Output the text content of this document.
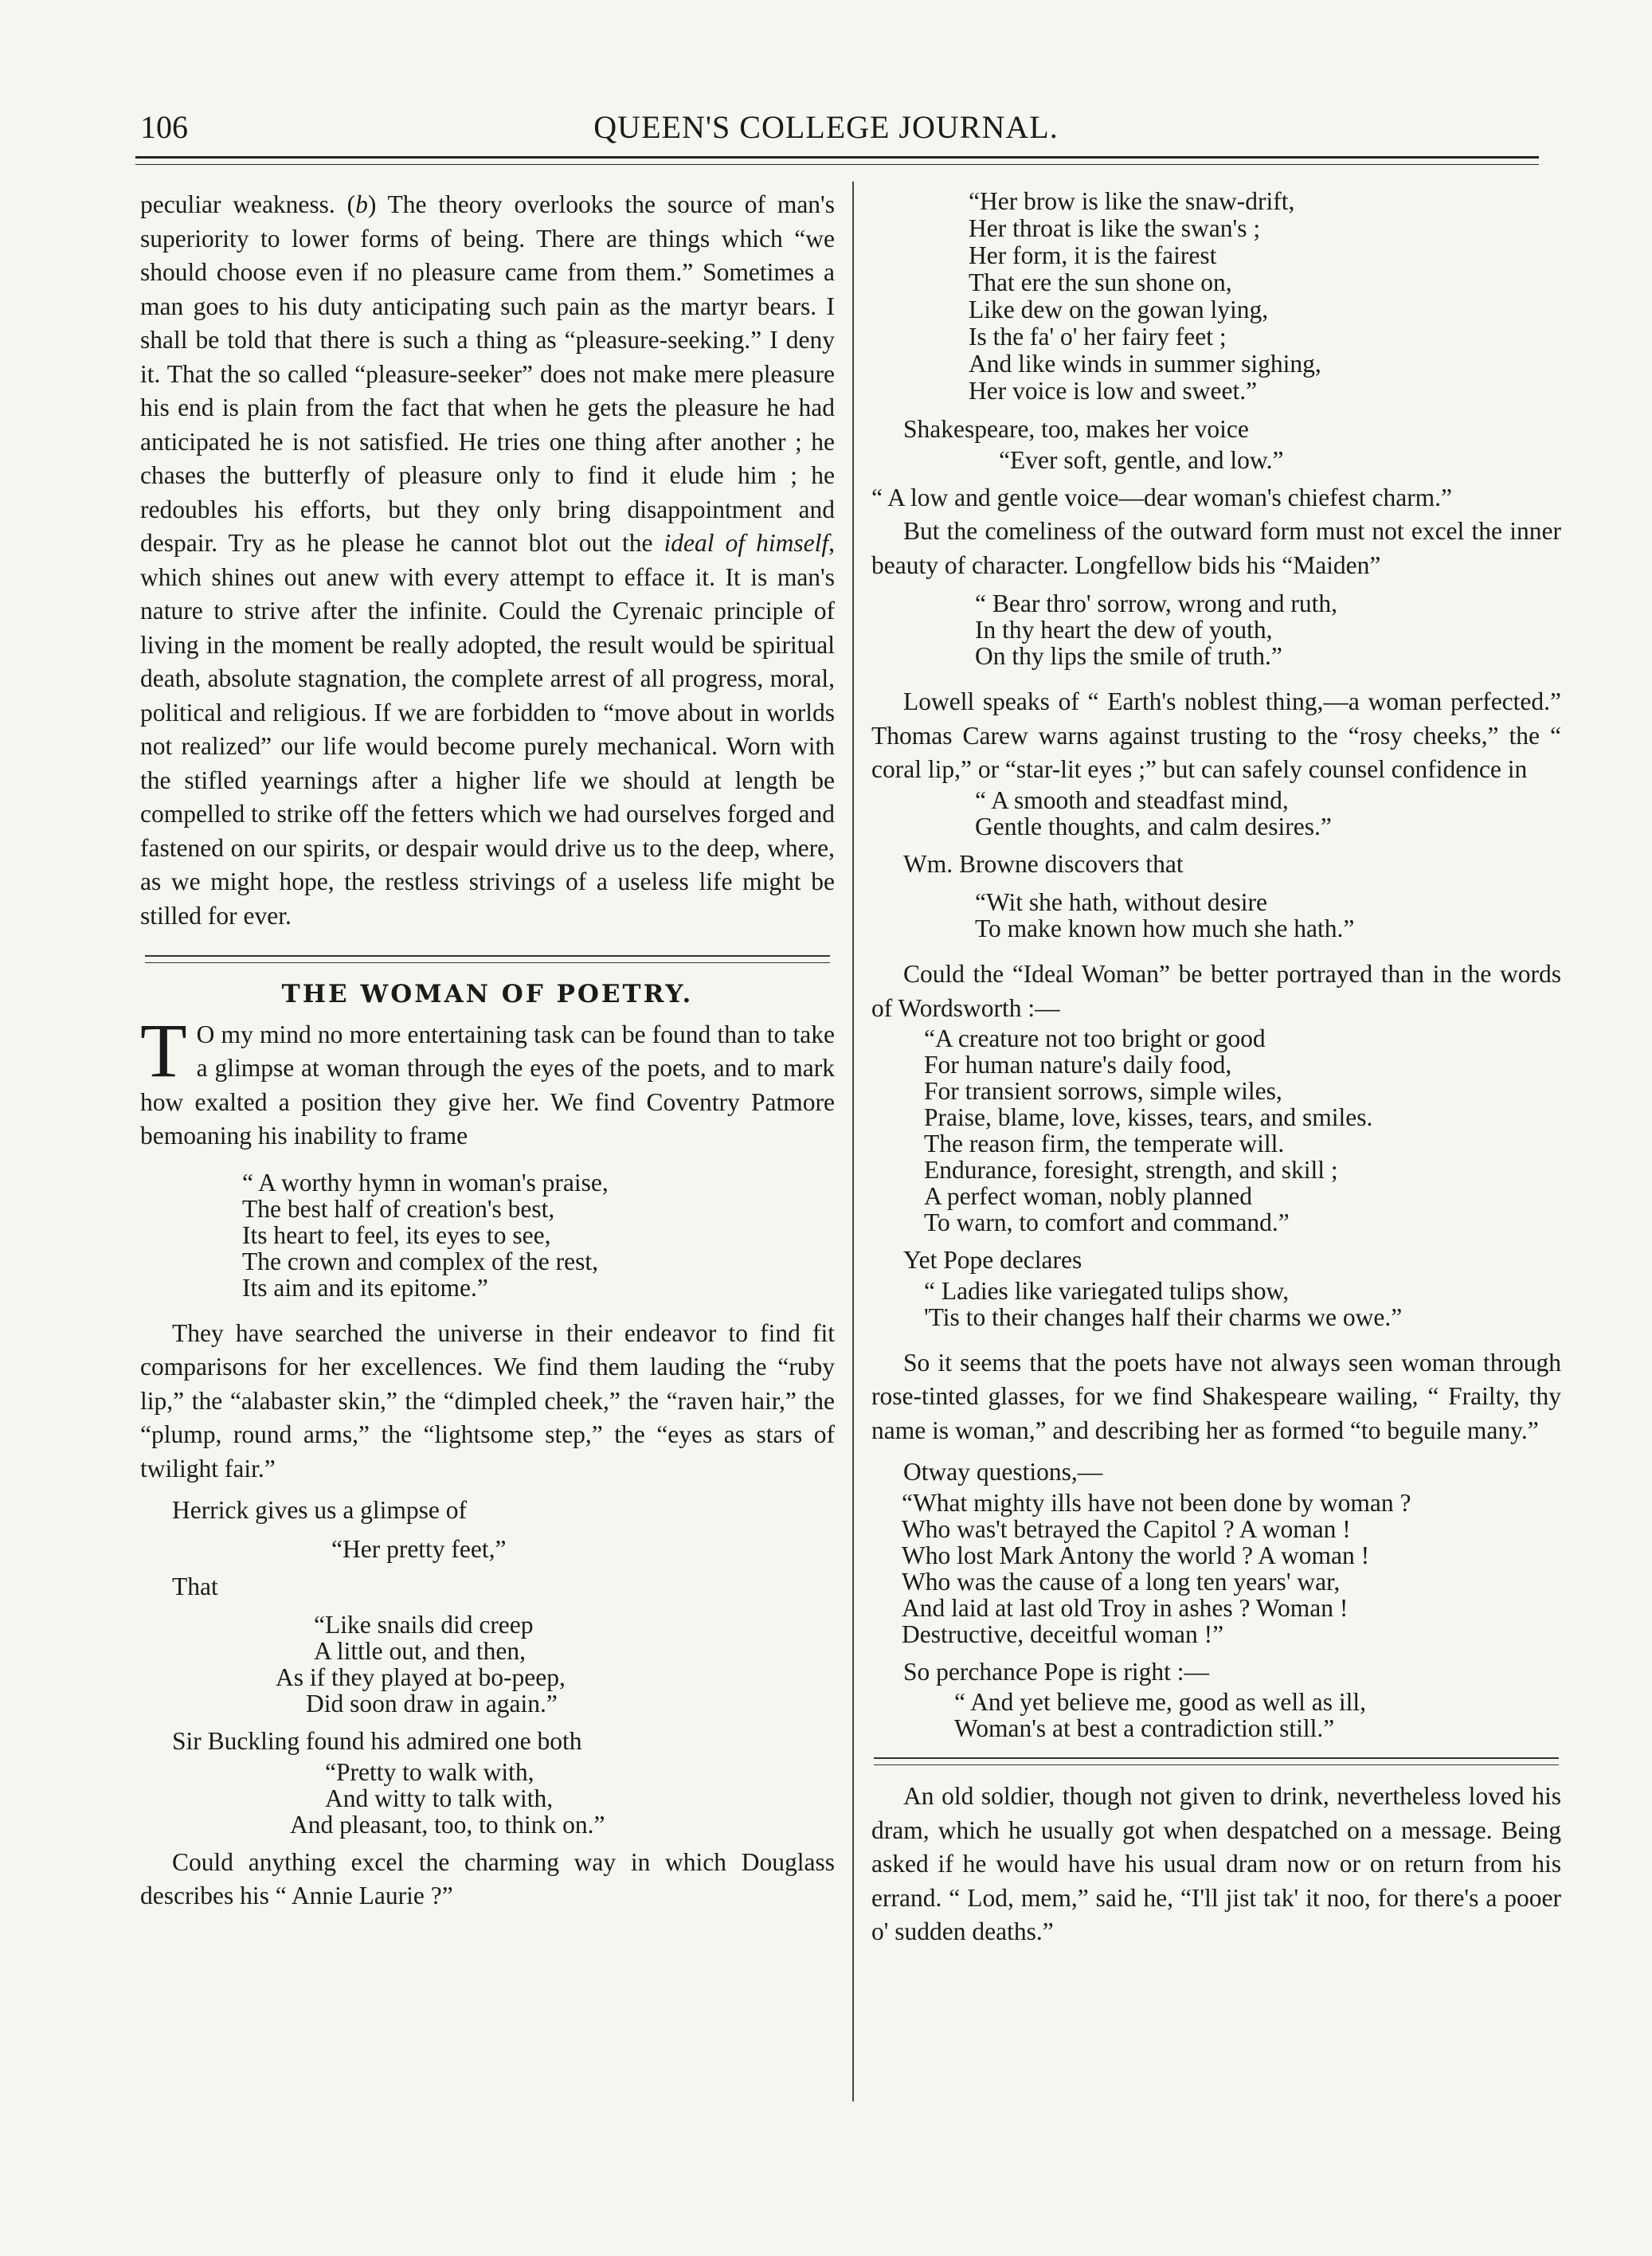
106	QUEEN'S COLLEGE JOURNAL.

peculiar weakness. (b) The theory overlooks the source of man's superiority to lower forms of being. There are things which “we should choose even if no pleasure came from them.” Sometimes a man goes to his duty anticipating such pain as the martyr bears. I shall be told that there is such a thing as “pleasure-seeking.” I deny it. That the so called “pleasure-seeker” does not make mere pleasure his end is plain from the fact that when he gets the pleasure he had anticipated he is not satisfied. He tries one thing after another ; he chases the butterfly of pleasure only to find it elude him ; he redoubles his efforts, but they only bring disappointment and despair. Try as he please he cannot blot out the ideal of himself, which shines out anew with every attempt to efface it. It is man's nature to strive after the infinite. Could the Cyrenaic principle of living in the moment be really adopted, the result would be spiritual death, absolute stagnation, the complete arrest of all progress, moral, political and religious. If we are forbidden to “move about in worlds not realized” our life would become purely mechanical. Worn with the stifled yearnings after a higher life we should at length be compelled to strike off the fetters which we had ourselves forged and fastened on our spirits, or despair would drive us to the deep, where, as we might hope, the restless strivings of a useless life might be stilled for ever.

THE WOMAN OF POETRY.

T O my mind no more entertaining task can be found than to take a glimpse at woman through the eyes of the poets, and to mark how exalted a position they give her. We find Coventry Patmore bemoaning his inability to frame

“ A worthy hymn in woman's praise,
The best half of creation's best,
Its heart to feel, its eyes to see,
The crown and complex of the rest,
Its aim and its epitome.”

They have searched the universe in their endeavor to find fit comparisons for her excellences. We find them lauding the “ruby lip,” the “alabaster skin,” the “dimpled cheek,” the “raven hair,” the “plump, round arms,” the “lightsome step,” the “eyes as stars of twilight fair.”

Herrick gives us a glimpse of

“Her pretty feet,”

That

“Like snails did creep
A little out, and then,
As if they played at bo-peep,
Did soon draw in again.”

Sir Buckling found his admired one both

“Pretty to walk with,
And witty to talk with,
And pleasant, too, to think on.”

Could anything excel the charming way in which Douglass describes his “ Annie Laurie ?”

“Her brow is like the snaw-drift,
Her throat is like the swan's ;
Her form, it is the fairest
That ere the sun shone on,
Like dew on the gowan lying,
Is the fa' o' her fairy feet ;
And like winds in summer sighing,
Her voice is low and sweet.”

Shakespeare, too, makes her voice

“Ever soft, gentle, and low.”

“ A low and gentle voice—dear woman's chiefest charm.”

But the comeliness of the outward form must not excel the inner beauty of character. Longfellow bids his “Maiden”

“ Bear thro' sorrow, wrong and ruth,
In thy heart the dew of youth,
On thy lips the smile of truth.”

Lowell speaks of “ Earth's noblest thing,—a woman perfected.” Thomas Carew warns against trusting to the “rosy cheeks,” the “ coral lip,” or “star-lit eyes ;” but can safely counsel confidence in

“ A smooth and steadfast mind,
Gentle thoughts, and calm desires.”

Wm. Browne discovers that

“Wit she hath, without desire
To make known how much she hath.”

Could the “Ideal Woman” be better portrayed than in the words of Wordsworth :—

“A creature not too bright or good
For human nature's daily food,
For transient sorrows, simple wiles,
Praise, blame, love, kisses, tears, and smiles.
The reason firm, the temperate will.
Endurance, foresight, strength, and skill ;
A perfect woman, nobly planned
To warn, to comfort and command.”

Yet Pope declares

“ Ladies like variegated tulips show,
'Tis to their changes half their charms we owe.”

So it seems that the poets have not always seen woman through rose-tinted glasses, for we find Shakespeare wailing, “ Frailty, thy name is woman,” and describing her as formed “to beguile many.”

Otway questions,—

“What mighty ills have not been done by woman ?
Who was't betrayed the Capitol ? A woman !
Who lost Mark Antony the world ? A woman !
Who was the cause of a long ten years' war,
And laid at last old Troy in ashes ? Woman !
Destructive, deceitful woman !”

So perchance Pope is right :—

“ And yet believe me, good as well as ill,
Woman's at best a contradiction still.”

An old soldier, though not given to drink, nevertheless loved his dram, which he usually got when despatched on a message. Being asked if he would have his usual dram now or on return from his errand. “ Lod, mem,” said he, “I'll jist tak' it noo, for there's a pooer o' sudden deaths.”
